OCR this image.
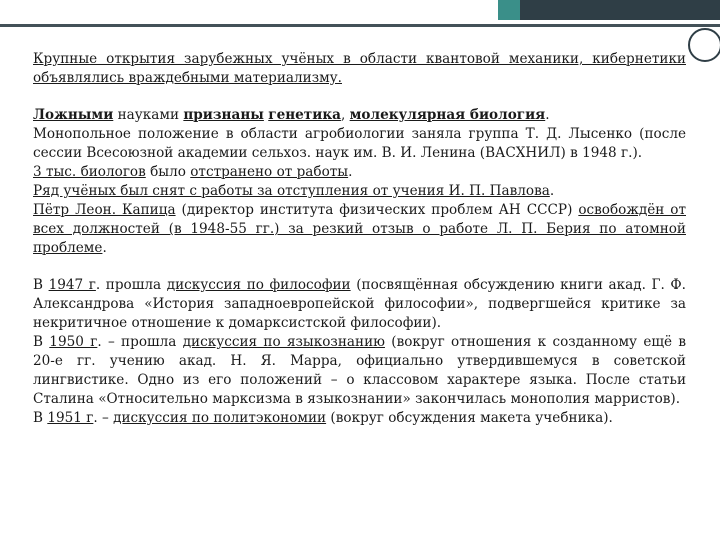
Крупные открытия зарубежных учёных в области квантовой механики, кибернетики объявлялись враждебными материализму.

Ложными науками признаны генетика, молекулярная биология.

Монопольное положение в области агробиологии заняла группа Т. Д. Лысенко (после сессии Всесоюзной академии сельхоз. наук им. В. И. Ленина (ВАСХНИЛ) в 1948 г.).

3 тыс. биологов было отстранено от работы.

Ряд учёных был снят с работы за отступления от учения И. П. Павлова.

Пётр Леон. Капица (директор института физических проблем АН СССР) освобождён от всех должностей (в 1948-55 гг.) за резкий отзыв о работе Л. П. Берия по атомной проблеме.

В 1947 г. прошла дискуссия по философии (посвящённая обсуждению книги акад. Г. Ф. Александрова «История западноевропейской философии», подвергшейся критике за некритичное отношение к домарксистской философии).

В 1950 г. – прошла дискуссия по языкознанию (вокруг отношения к созданному ещё в 20-е гг. учению акад. Н. Я. Марра, официально утвердившемуся в советской лингвистике. Одно из его положений – о классовом характере языка. После статьи Сталина «Относительно марксизма в языкознании» закончилась монополия марристов).

В 1951 г. – дискуссия по политэкономии (вокруг обсуждения макета учебника).
